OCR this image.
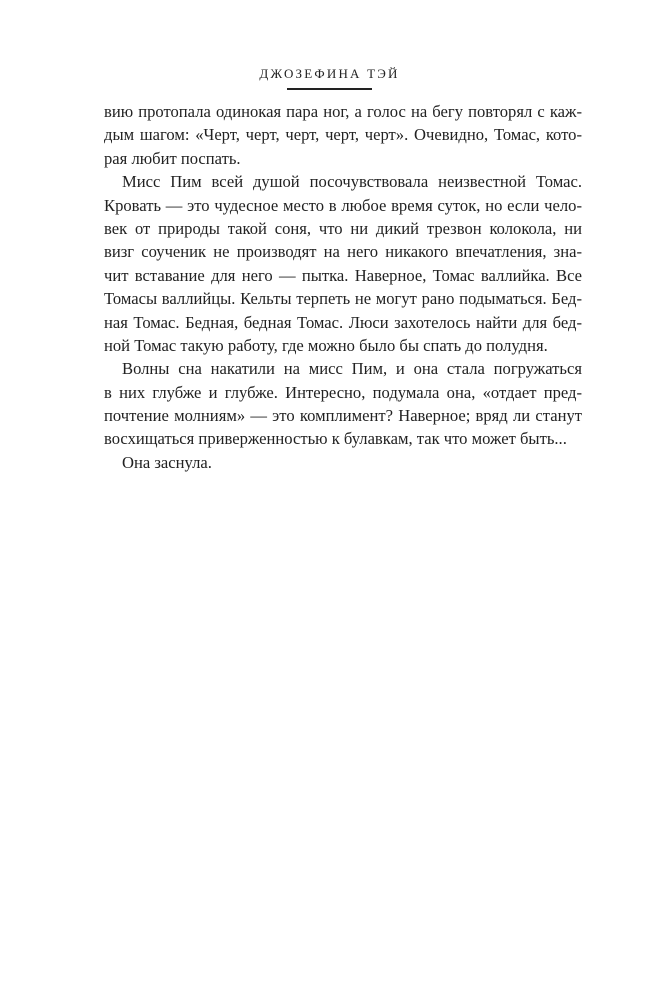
ДЖОЗЕФИНА ТЭЙ
вию протопала одинокая пара ног, а голос на бегу повторял с каж-
дым шагом: «Черт, черт, черт, черт, черт». Очевидно, Томас, кото-
рая любит поспать.
Мисс Пим всей душой посочувствовала неизвестной Томас.
Кровать — это чудесное место в любое время суток, но если чело-
век от природы такой соня, что ни дикий трезвон колокола, ни
визг соученик не производят на него никакого впечатления, зна-
чит вставание для него — пытка. Наверное, Томас валлийка. Все
Томасы валлийцы. Кельты терпеть не могут рано подыматься. Бед-
ная Томас. Бедная, бедная Томас. Люси захотелось найти для бед-
ной Томас такую работу, где можно было бы спать до полудня.
Волны сна накатили на мисс Пим, и она стала погружаться
в них глубже и глубже. Интересно, подумала она, «отдает пред-
почтение молниям» — это комплимент? Наверное; вряд ли станут
восхищаться приверженностью к булавкам, так что может быть...
Она заснула.
